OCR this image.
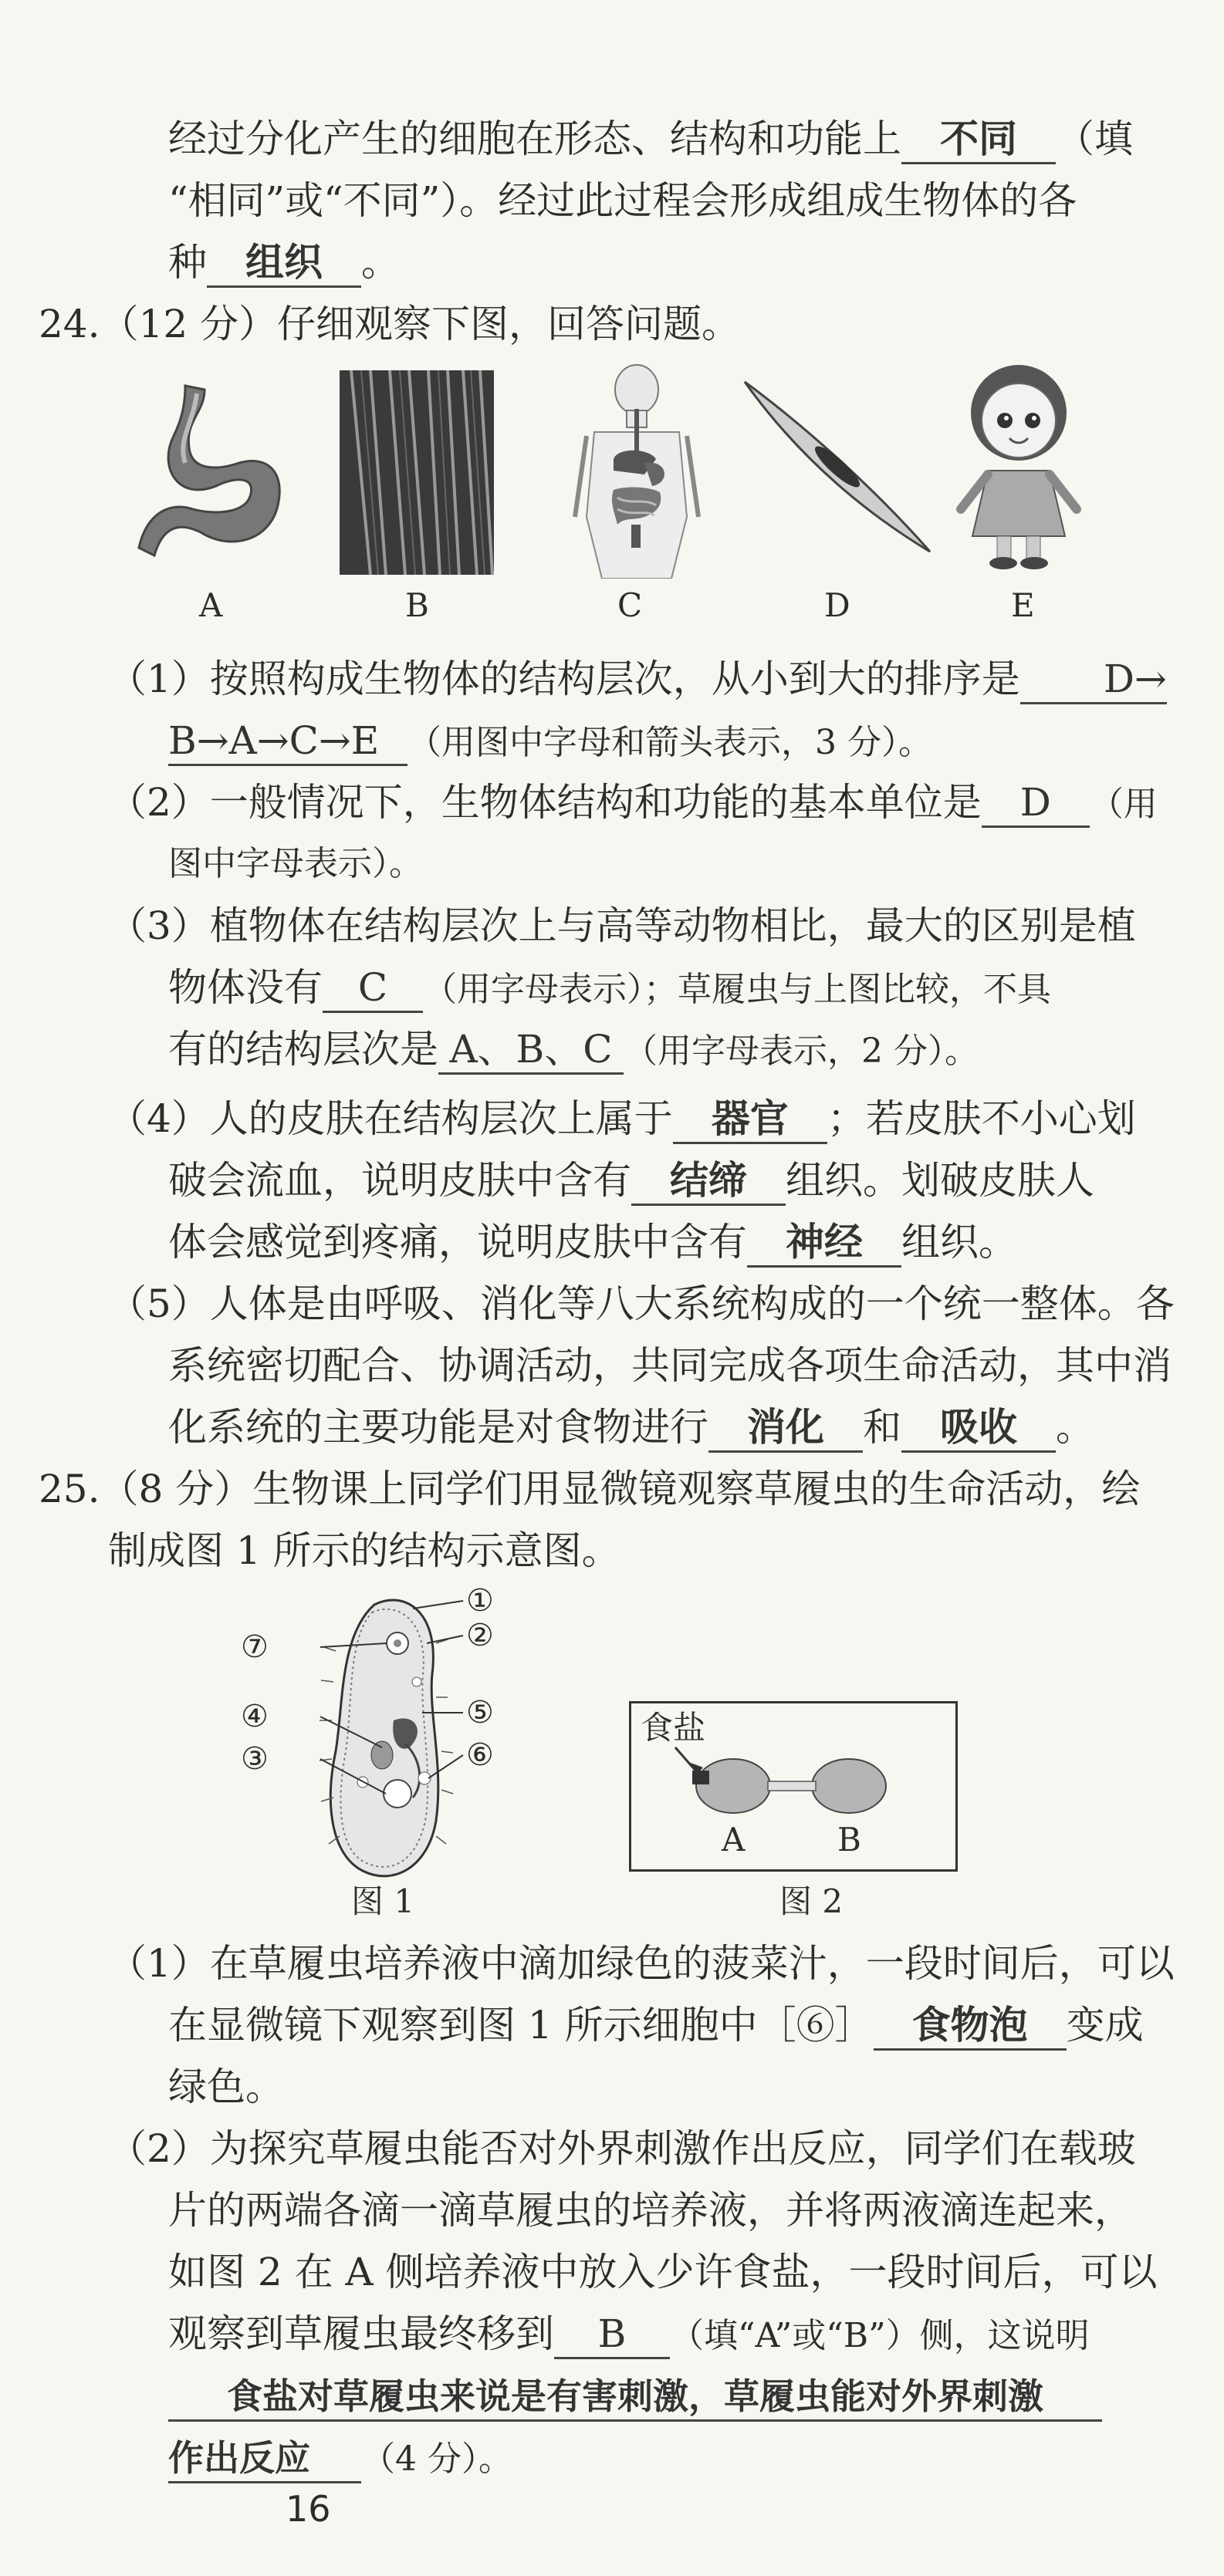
经过分化产生的细胞在形态、结构和功能上 不同 （填
“相同”或“不同”）。经过此过程会形成组成生物体的各
种 组织 。
24.（12 分）仔细观察下图，回答问题。
A	B	C	D	E
（1）按照构成生物体的结构层次，从小到大的排序是 D→
B→A→C→E （用图中字母和箭头表示，3 分）。
（2）一般情况下，生物体结构和功能的基本单位是 D （用
图中字母表示）。
（3）植物体在结构层次上与高等动物相比，最大的区别是植
物体没有 C （用字母表示）；草履虫与上图比较，不具
有的结构层次是 A、B、C （用字母表示，2 分）。
（4）人的皮肤在结构层次上属于 器官 ；若皮肤不小心划
破会流血，说明皮肤中含有 结缔 组织。划破皮肤人
体会感觉到疼痛，说明皮肤中含有 神经 组织。
（5）人体是由呼吸、消化等八大系统构成的一个统一整体。各
系统密切配合、协调活动，共同完成各项生命活动，其中消
化系统的主要功能是对食物进行 消化 和 吸收 。
25.（8 分）生物课上同学们用显微镜观察草履虫的生命活动，绘
制成图 1 所示的结构示意图。
①
②
⑦
⑤
④
③	⑥
图 1
食盐
A	B
图 2
（1）在草履虫培养液中滴加绿色的菠菜汁，一段时间后，可以
在显微镜下观察到图 1 所示细胞中［⑥］ 食物泡 变成
绿色。
（2）为探究草履虫能否对外界刺激作出反应，同学们在载玻
片的两端各滴一滴草履虫的培养液，并将两液滴连起来，
如图 2 在 A 侧培养液中放入少许食盐，一段时间后，可以
观察到草履虫最终移到 B （填“A”或“B”）侧，这说明
食盐对草履虫来说是有害刺激，草履虫能对外界刺激
作出反应 （4 分）。
16
